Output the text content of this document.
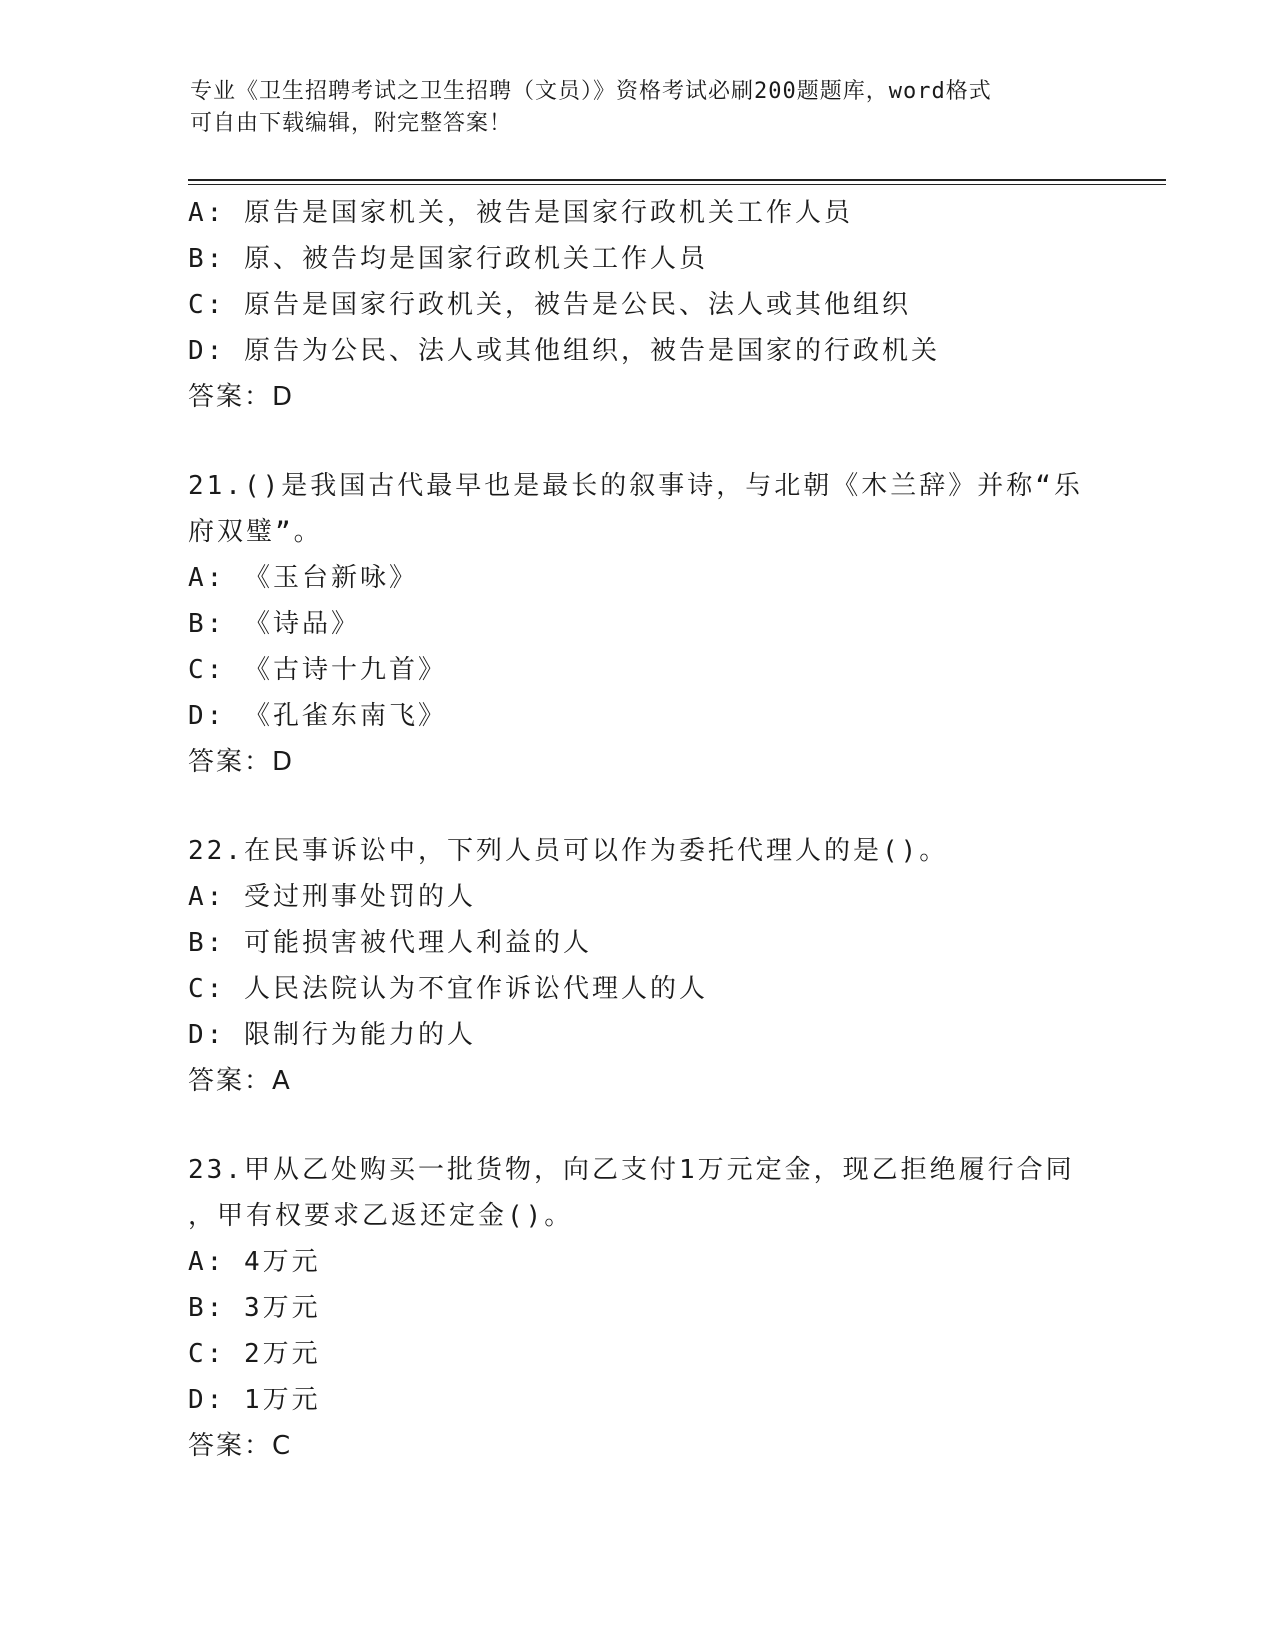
专业《卫生招聘考试之卫生招聘（文员）》资格考试必刷200题题库，word格式
可自由下载编辑，附完整答案！
A: 原告是国家机关，被告是国家行政机关工作人员
B: 原、被告均是国家行政机关工作人员
C: 原告是国家行政机关，被告是公民、法人或其他组织
D: 原告为公民、法人或其他组织，被告是国家的行政机关
答案：D
21.()是我国古代最早也是最长的叙事诗，与北朝《木兰辞》并称“乐
府双璧”。
A: 《玉台新咏》
B: 《诗品》
C: 《古诗十九首》
D: 《孔雀东南飞》
答案：D
22.在民事诉讼中，下列人员可以作为委托代理人的是()。
A: 受过刑事处罚的人
B: 可能损害被代理人利益的人
C: 人民法院认为不宜作诉讼代理人的人
D: 限制行为能力的人
答案：A
23.甲从乙处购买一批货物，向乙支付1万元定金，现乙拒绝履行合同
，甲有权要求乙返还定金()。
A: 4万元
B: 3万元
C: 2万元
D: 1万元
答案：C
